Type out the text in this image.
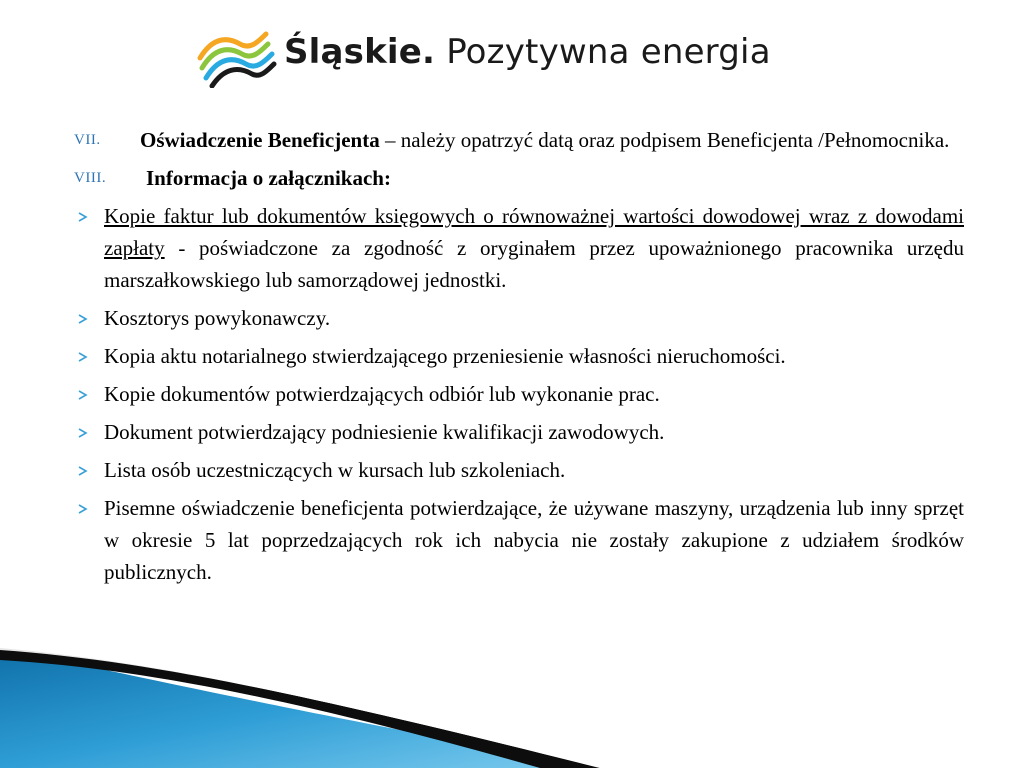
Śląskie. Pozytywna energia
VII. Oświadczenie Beneficjenta – należy opatrzyć datą oraz podpisem Beneficjenta /Pełnomocnika.
VIII. Informacja o załącznikach:
Kopie faktur lub dokumentów księgowych o równoważnej wartości dowodowej wraz z dowodami zapłaty - poświadczone za zgodność z oryginałem przez upoważnionego pracownika urzędu marszałkowskiego lub samorządowej jednostki.
Kosztorys powykonawczy.
Kopia aktu notarialnego stwierdzającego przeniesienie własności nieruchomości.
Kopie dokumentów potwierdzających odbiór lub wykonanie prac.
Dokument potwierdzający podniesienie kwalifikacji zawodowych.
Lista osób uczestniczących w kursach lub szkoleniach.
Pisemne oświadczenie beneficjenta potwierdzające, że używane maszyny, urządzenia lub inny sprzęt w okresie 5 lat poprzedzających rok ich nabycia nie zostały zakupione z udziałem środków publicznych.
